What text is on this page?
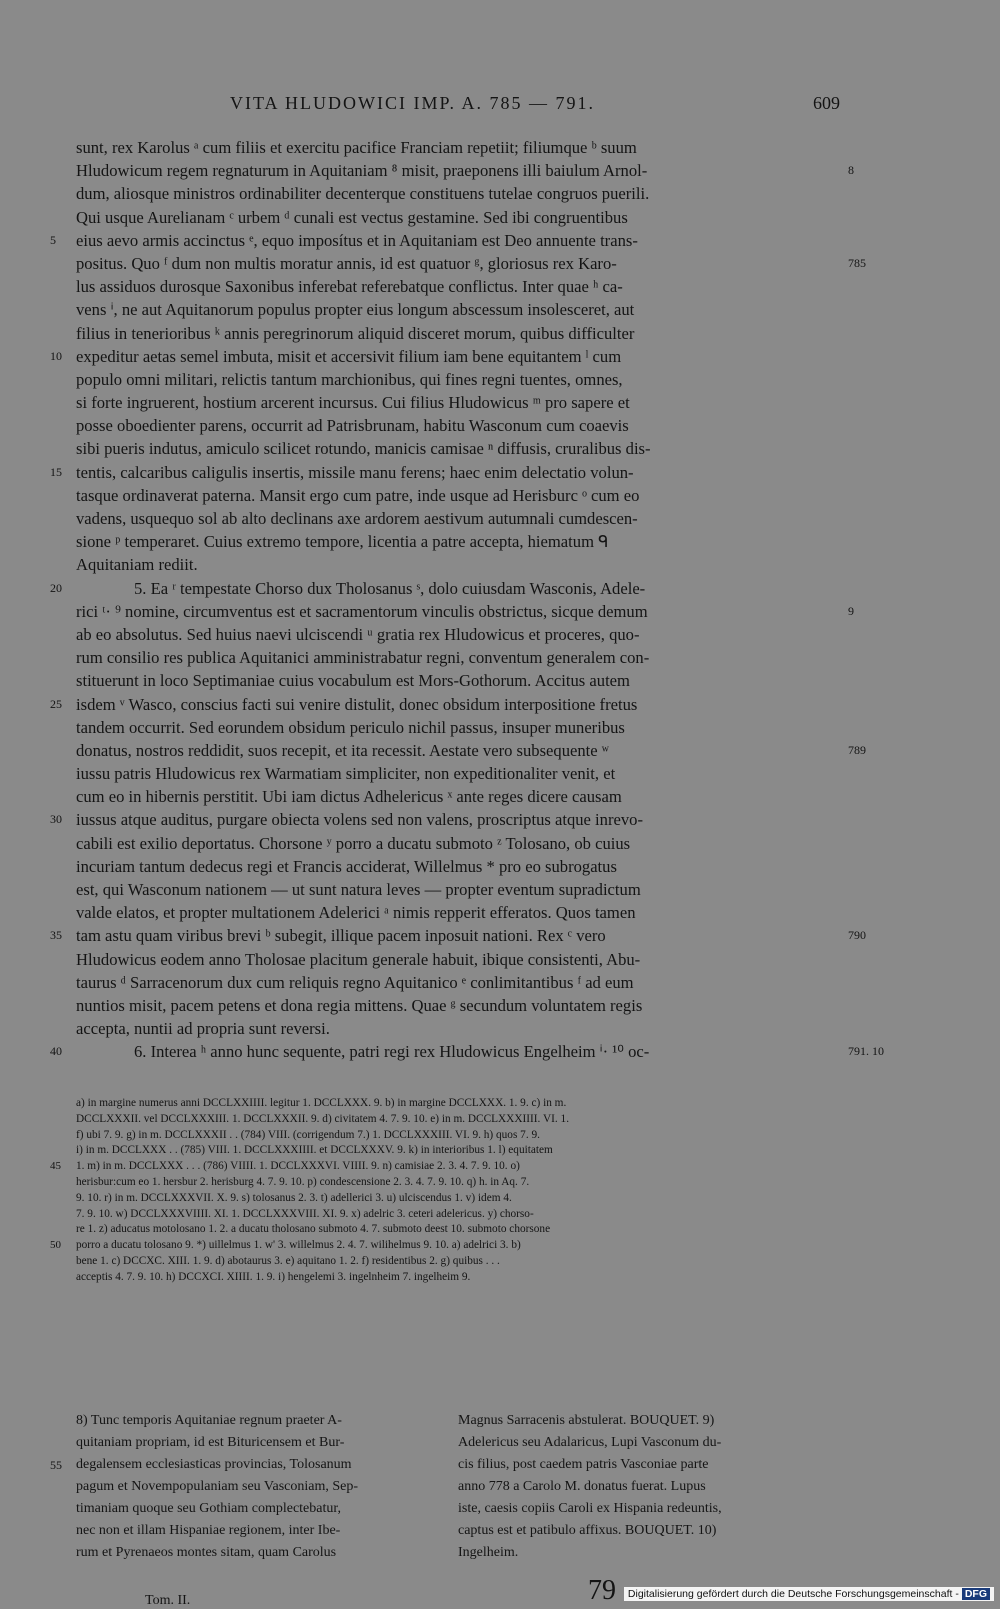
VITA HLUDOWICI IMP. A. 785 — 791.	609
sunt, rex Karolus ᵃ cum filiis et exercitu pacifice Franciam repetiit; filiumque ᵇ suum
Hludowicum regem regnaturum in Aquitaniam ⁸ misit, praeponens illi baiulum Arnol-	8
dum, aliosque ministros ordinabiliter decenterque constituens tutelae congruos puerili.
Qui usque Aurelianam ᶜ urbem ᵈ cunali est vectus gestamine. Sed ibi congruentibus
5	eius aevo armis accinctus ᵉ, equo imposítus et in Aquitaniam est Deo annuente trans-
positus. Quo ᶠ dum non multis moratur annis, id est quatuor ᵍ, gloriosus rex Karo-	785
lus assiduos durosque Saxonibus inferebat referebatque conflictus. Inter quae ʰ ca-
vens ⁱ, ne aut Aquitanorum populus propter eius longum abscessum insolesceret, aut
filius in tenerioribus ᵏ annis peregrinorum aliquid disceret morum, quibus difficulter
10 expeditur aetas semel imbuta, misit et accersivit filium iam bene equitantem ˡ cum
populo omni militari, relictis tantum marchionibus, qui fines regni tuentes, omnes,
si forte ingruerent, hostium arcerent incursus. Cui filius Hludowicus ᵐ pro sapere et
posse oboedienter parens, occurrit ad Patrisbrunam, habitu Wasconum cum coaevis
sibi pueris indutus, amiculo scilicet rotundo, manicis camisae ⁿ diffusis, cruralibus dis-
15 tentis, calcaribus caligulis insertis, missile manu ferens; haec enim delectatio volun-
tasque ordinaverat paterna. Mansit ergo cum patre, inde usque ad Herisburc ᵒ cum eo
vadens, usquequo sol ab alto declinans axe ardorem aestivum autumnali cumdescen-
sione ᵖ temperaret. Cuius extremo tempore, licentia a patre accepta, hiematum ᑫ
Aquitaniam rediit.
20	5. Ea ʳ tempestate Chorso dux Tholosanus ˢ, dolo cuiusdam Wasconis, Adele-
rici ᵗ· ⁹ nomine, circumventus est et sacramentorum vinculis obstrictus, sicque demum	9
ab eo absolutus. Sed huius naevi ulciscendi ᵘ gratia rex Hludowicus et proceres, quo-
rum consilio res publica Aquitanici amministrabatur regni, conventum generalem con-
stituerunt in loco Septimaniae cuius vocabulum est Mors-Gothorum. Accitus autem
25 isdem ᵛ Wasco, conscius facti sui venire distulit, donec obsidum interpositione fretus
tandem occurrit. Sed eorundem obsidum periculo nichil passus, insuper muneribus
donatus, nostros reddidit, suos recepit, et ita recessit. Aestate vero subsequente ʷ	789
iussu patris Hludowicus rex Warmatiam simpliciter, non expeditionaliter venit, et
cum eo in hibernis perstitit. Ubi iam dictus Adhelericus ˣ ante reges dicere causam
30 iussus atque auditus, purgare obiecta volens sed non valens, proscriptus atque inrevo-
cabili est exilio deportatus. Chorsone ʸ porro a ducatu submoto ᶻ Tolosano, ob cuius
incuriam tantum dedecus regi et Francis acciderat, Willelmus * pro eo subrogatus
est, qui Wasconum nationem — ut sunt natura leves — propter eventum supradictum
valde elatos, et propter multationem Adelerici ᵃ nimis repperit efferatos. Quos tamen
35 tam astu quam viribus brevi ᵇ subegit, illique pacem inposuit nationi. Rex ᶜ vero	790
Hludowicus eodem anno Tholosae placitum generale habuit, ibique consistenti, Abu-
taurus ᵈ Sarracenorum dux cum reliquis regno Aquitanico ᵉ conlimitantibus ᶠ ad eum
nuntios misit, pacem petens et dona regia mittens. Quae ᵍ secundum voluntatem regis
accepta, nuntii ad propria sunt reversi.
40	6. Interea ʰ anno hunc sequente, patri regi rex Hludowicus Engelheim ⁱ· ¹⁰ oc-	791. 10
a) in margine numerus anni DCCLXXIIII. legitur 1. DCCLXXX. 9. b) in margine DCCLXXX. 1. 9. c) in m.
DCCLXXXII. vel DCCLXXXIII. 1. DCCLXXXII. 9. d) civitatem 4. 7. 9. 10. e) in m. DCCLXXXIIII. VI. 1.
f) ubi 7. 9. g) in m. DCCLXXXII . . (784) VIII. (corrigendum 7.) 1. DCCLXXXIII. VI. 9. h) quos 7. 9.
i) in m. DCCLXXX . . (785) VIII. 1. DCCLXXXIIII. et DCCLXXXV. 9. k) in interioribus 1. l) equitatem
45	1. m) in m. DCCLXXX . . . (786) VIIII. 1. DCCLXXXVI. VIIII. 9. n) camisiae 2. 3. 4. 7. 9. 10. o)
herisbur:cum eo 1. hersbur 2. herisburg 4. 7. 9. 10. p) condescensione 2. 3. 4. 7. 9. 10. q) h. in Aq. 7.
9. 10. r) in m. DCCLXXXVII. X. 9. s) tolosanus 2. 3. t) adellerici 3. u) ulciscendus 1. v) idem 4.
7. 9. 10. w) DCCLXXXVIIII. XI. 1. DCCLXXXVIII. XI. 9. x) adelric 3. ceteri adelericus. y) chorso-
re 1. z) aducatus motolosano 1. 2. a ducatu tholosano submoto 4. 7. submoto deest 10. submoto chorsone
50	porro a ducatu tolosano 9. *) uillelmus 1. w' 3. willelmus 2. 4. 7. wilihelmus 9. 10. a) adelrici 3. b)
bene 1. c) DCCXC. XIII. 1. 9. d) abotaurus 3. e) aquitano 1. 2. f) residentibus 2. g) quibus . . .
acceptis 4. 7. 9. 10. h) DCCXCI. XIIII. 1. 9. i) hengelemi 3. ingelnheim 7. ingelheim 9.
8) Tunc temporis Aquitaniae regnum praeter A-
quitaniam propriam, id est Bituricensem et Bur-
55	degalensem ecclesiasticas provincias, Tolosanum
pagum et Novempopulaniam seu Vasconiam, Sep-
timaniam quoque seu Gothiam complectebatur,
nec non et illam Hispaniae regionem, inter Ibe-
rum et Pyrenaeos montes sitam, quam Carolus
Magnus Sarracenis abstulerat. BOUQUET. 9)
Adelericus seu Adalaricus, Lupi Vasconum du-
cis filius, post caedem patris Vasconiae parte
anno 778 a Carolo M. donatus fuerat. Lupus
iste, caesis copiis Caroli ex Hispania redeuntis,
captus est et patibulo affixus. BOUQUET. 10)
Ingelheim.
Tom. II.	79	Digitalisierung gefördert durch die Deutsche Forschungsgemeinschaft - DFG
